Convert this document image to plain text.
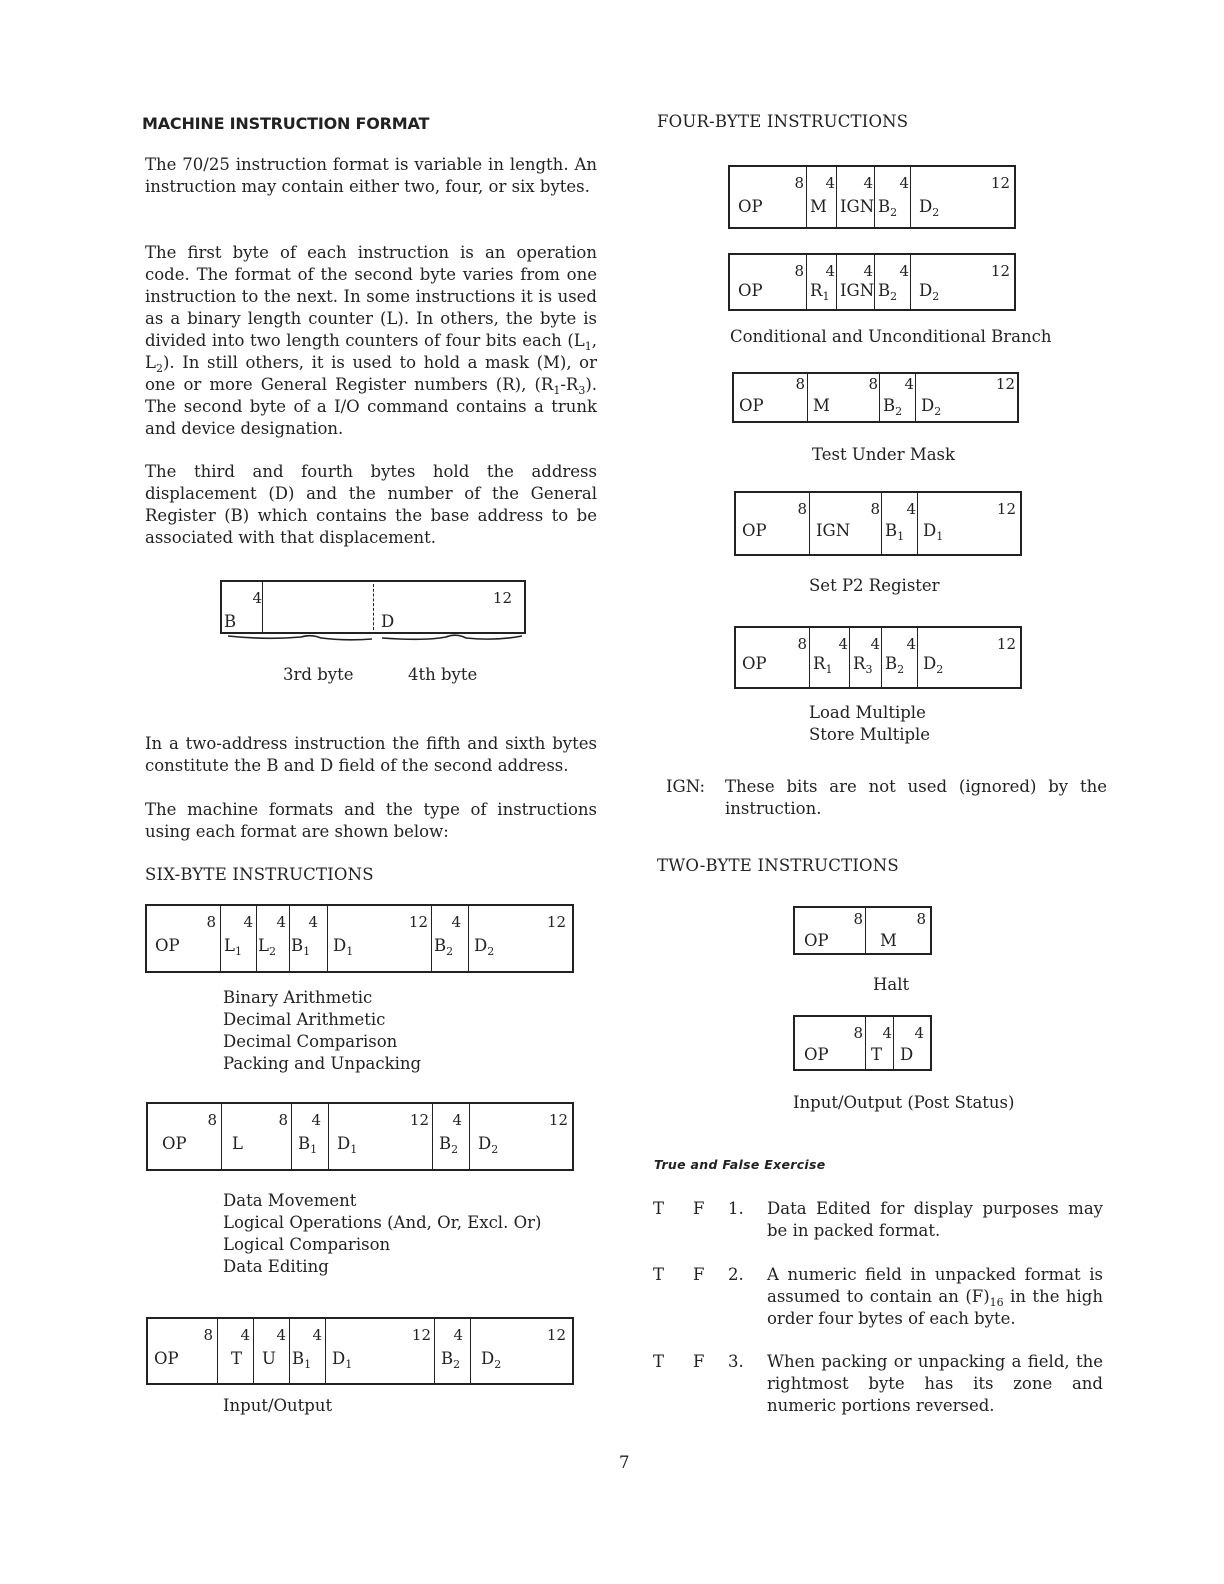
MACHINE INSTRUCTION FORMAT
The 70/25 instruction format is variable in length. An instruction may contain either two, four, or six bytes.
The first byte of each instruction is an operation code. The format of the second byte varies from one instruction to the next. In some instructions it is used as a binary length counter (L). In others, the byte is divided into two length counters of four bits each ($L_1$, $L_2$). In still others, it is used to hold a mask (M), or one or more General Register numbers (R), $(R_1-R_3)$. The second byte of a I/O command contains a trunk and device designation.
The third and fourth bytes hold the address displacement (D) and the number of the General Register (B) which contains the base address to be associated with that displacement.
4
B
12
D
3rd byte	4th byte
In a two-address instruction the fifth and sixth bytes constitute the B and D field of the second address.
The machine formats and the type of instructions using each format are shown below:
SIX-BYTE INSTRUCTIONS
8
OP
4
$L_1$
4
$L_2$
4
$B_1$
12
$D_1$
4
$B_2$
12
$D_2$
Binary Arithmetic
Decimal Arithmetic
Decimal Comparison
Packing and Unpacking
8
OP
8
L
4
$B_1$
12
$D_1$
4
$B_2$
12
$D_2$
Data Movement
Logical Operations (And, Or, Excl. Or)
Logical Comparison
Data Editing
8
OP
4
T
4
U
4
$B_1$
12
$D_1$
4
$B_2$
12
$D_2$
Input/Output
FOUR-BYTE INSTRUCTIONS
8
OP
4
M
4
IGN
4
$B_2$
12
$D_2$
8
OP
4
$R_1$
4
IGN
4
$B_2$
12
$D_2$
Conditional and Unconditional Branch
8
OP
8
M
4
$B_2$
12
$D_2$
Test Under Mask
8
OP
8
IGN
4
$B_1$
12
$D_1$
Set P2 Register
8
OP
4
$R_1$
4
$R_3$
4
$B_2$
12
$D_2$
Load Multiple
Store Multiple
IGN: These bits are not used (ignored) by the instruction.
TWO-BYTE INSTRUCTIONS
8
OP
8
M
Halt
8
OP
4
T
4
D
Input/Output (Post Status)
True and False Exercise
T F 1. Data Edited for display purposes may be in packed format.
T F 2. A numeric field in unpacked format is assumed to contain an $(F)_{16}$ in the high order four bytes of each byte.
T F 3. When packing or unpacking a field, the rightmost byte has its zone and numeric portions reversed.
7
